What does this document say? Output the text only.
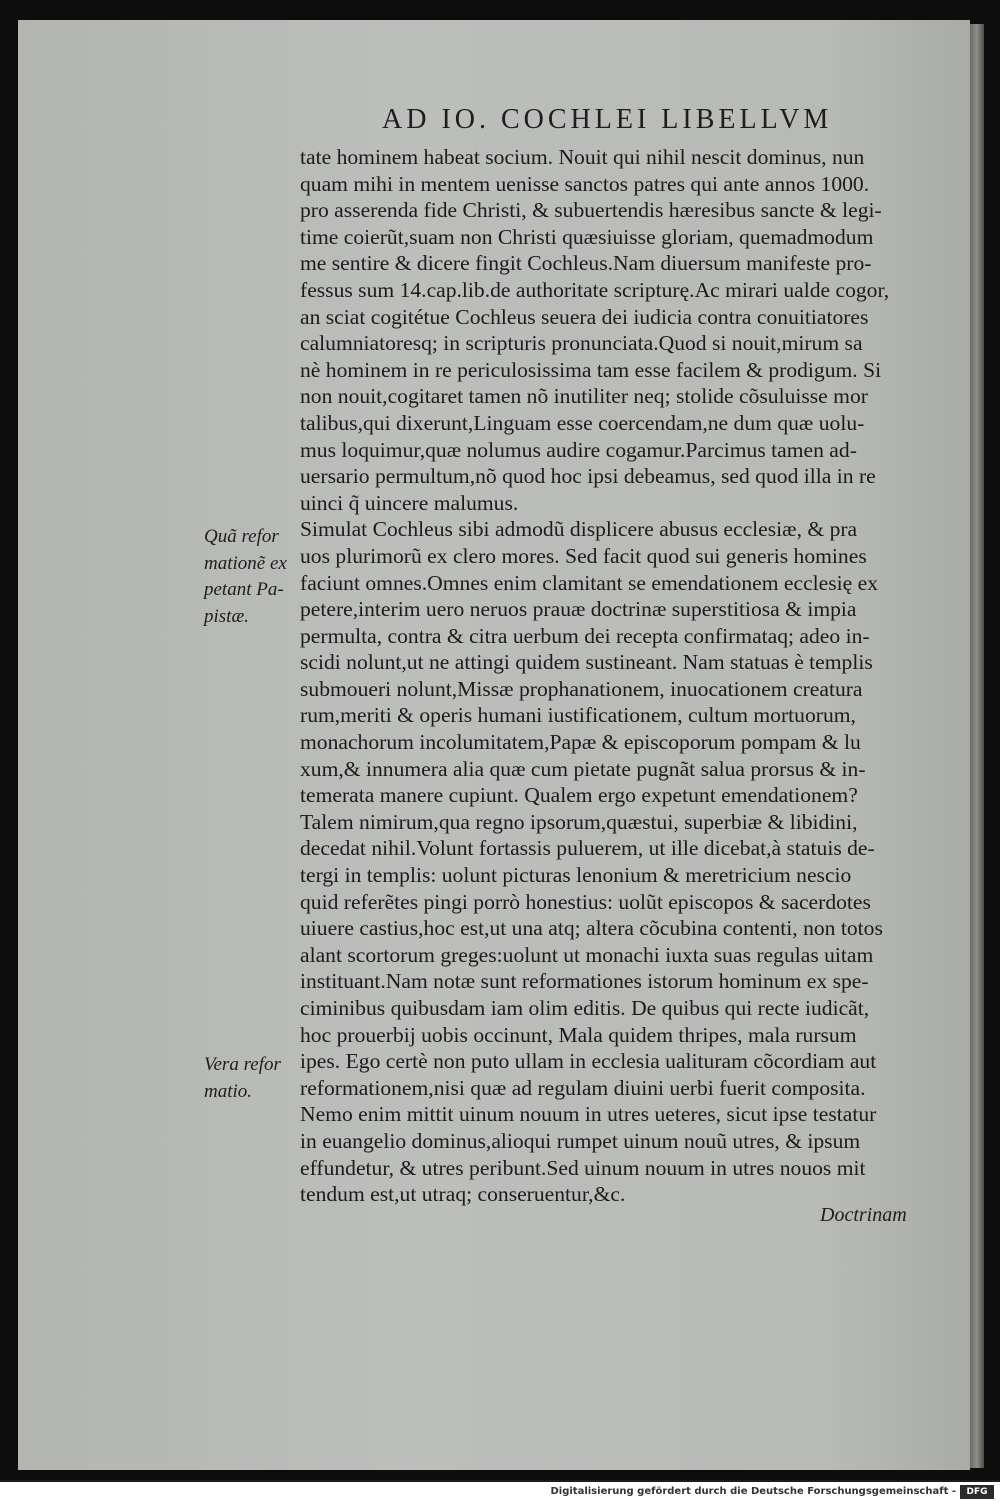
AD IO. COCHLEI LIBELLVM
Quã refor
mationẽ ex
petant Pa-
pistæ.
Vera refor
matio.
tate hominem habeat socium. Nouit qui nihil nescit dominus, nun
quam mihi in mentem uenisse sanctos patres qui ante annos 1000.
pro asserenda fide Christi, & subuertendis hæresibus sancte & legi-
time coierũt,suam non Christi quæsiuisse gloriam, quemadmodum
me sentire & dicere fingit Cochleus.Nam diuersum manifeste pro-
fessus sum 14.cap.lib.de authoritate scripturę.Ac mirari ualde cogor,
an sciat cogitétue Cochleus seuera dei iudicia contra conuitiatores
calumniatoresq; in scripturis pronunciata.Quod si nouit,mirum sa
nè hominem in re periculosissima tam esse facilem & prodigum. Si
non nouit,cogitaret tamen nõ inutiliter neq; stolide cõsuluisse mor
talibus,qui dixerunt,Linguam esse coercendam,ne dum quæ uolu-
mus loquimur,quæ nolumus audire cogamur.Parcimus tamen ad-
uersario permultum,nõ quod hoc ipsi debeamus, sed quod illa in re
uinci q̃ uincere malumus.
Simulat Cochleus sibi admodũ displicere abusus ecclesiæ, & pra
uos plurimorũ ex clero mores. Sed facit quod sui generis homines
faciunt omnes.Omnes enim clamitant se emendationem ecclesię ex
petere,interim uero neruos prauæ doctrinæ superstitiosa & impia
permulta, contra & citra uerbum dei recepta confirmataq; adeo in-
scidi nolunt,ut ne attingi quidem sustineant. Nam statuas è templis
submoueri nolunt,Missæ prophanationem, inuocationem creatura
rum,meriti & operis humani iustificationem, cultum mortuorum,
monachorum incolumitatem,Papæ & episcoporum pompam & lu
xum,& innumera alia quæ cum pietate pugnãt salua prorsus & in-
temerata manere cupiunt. Qualem ergo expetunt emendationem?
Talem nimirum,qua regno ipsorum,quæstui, superbiæ & libidini,
decedat nihil.Volunt fortassis puluerem, ut ille dicebat,à statuis de-
tergi in templis: uolunt picturas lenonium & meretricium nescio
quid referẽtes pingi porrò honestius: uolũt episcopos & sacerdotes
uiuere castius,hoc est,ut una atq; altera cõcubina contenti, non totos
alant scortorum greges:uolunt ut monachi iuxta suas regulas uitam
instituant.Nam notæ sunt reformationes istorum hominum ex spe-
ciminibus quibusdam iam olim editis. De quibus qui recte iudicãt,
hoc prouerbij uobis occinunt, Mala quidem thripes, mala rursum
ipes. Ego certè non puto ullam in ecclesia ualituram cõcordiam aut
reformationem,nisi quæ ad regulam diuini uerbi fuerit composita.
Nemo enim mittit uinum nouum in utres ueteres, sicut ipse testatur
in euangelio dominus,alioqui rumpet uinum nouũ utres, & ipsum
effundetur, & utres peribunt.Sed uinum nouum in utres nouos mit
tendum est,ut utraq; conseruentur,&c.
Doctrinam
Digitalisierung gefördert durch die Deutsche Forschungsgemeinschaft -	DFG
